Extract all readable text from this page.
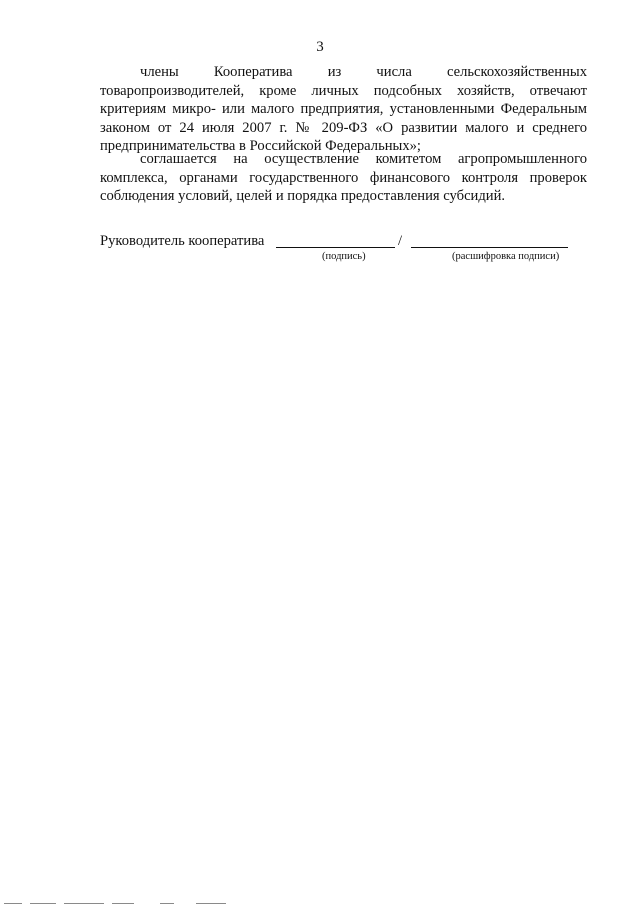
3

члены Кооператива из числа сельскохозяйственных

товаропроизводителей, кроме личных подсобных хозяйств, отвечают критериям микро- или малого предприятия, установленными Федеральным законом от 24 июля 2007 г. № 209-ФЗ «О развитии малого и среднего предпринимательства в Российской Федеральных»;

соглашается на осуществление комитетом агропромышленного комплекса, органами государственного финансового контроля проверок соблюдения условий, целей и порядка предоставления субсидий.

Руководитель кооператива	/
(подпись)	(расшифровка подписи)
